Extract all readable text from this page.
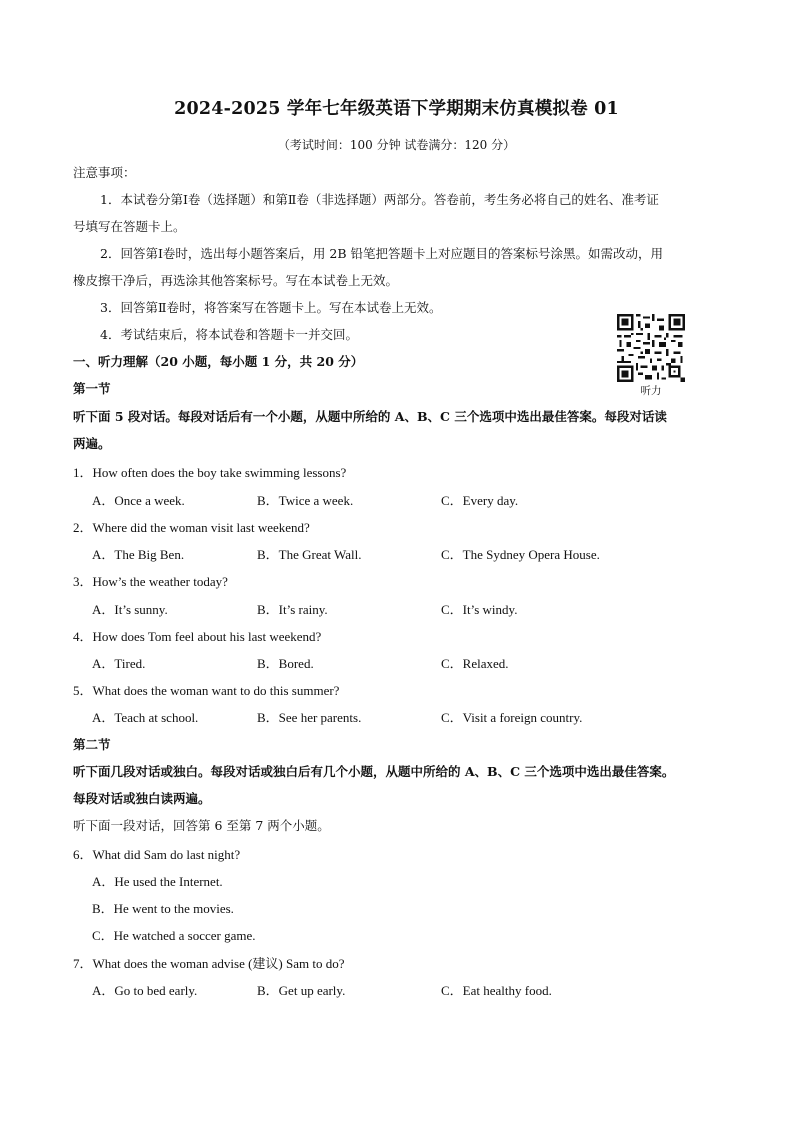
2024-2025 学年七年级英语下学期期末仿真模拟卷 01
（考试时间：100 分钟 试卷满分：120 分）
注意事项：
1．本试卷分第Ⅰ卷（选择题）和第Ⅱ卷（非选择题）两部分。答卷前，考生务必将自己的姓名、准考证
号填写在答题卡上。
2．回答第Ⅰ卷时，选出每小题答案后，用 2B 铅笔把答题卡上对应题目的答案标号涂黑。如需改动，用
橡皮擦干净后，再选涂其他答案标号。写在本试卷上无效。
3．回答第Ⅱ卷时，将答案写在答题卡上。写在本试卷上无效。
4．考试结束后，将本试卷和答题卡一并交回。
听力
一、听力理解（20 小题，每小题 1 分，共 20 分）
第一节
听下面 5 段对话。每段对话后有一个小题，从题中所给的 A、B、C 三个选项中选出最佳答案。每段对话读
两遍。
1．How often does the boy take swimming lessons?
A．Once a week.	B．Twice a week.	C．Every day.
2．Where did the woman visit last weekend?
A．The Big Ben.	B．The Great Wall.	C．The Sydney Opera House.
3．How’s the weather today?
A．It’s sunny.	B．It’s rainy.	C．It’s windy.
4．How does Tom feel about his last weekend?
A．Tired.	B．Bored.	C．Relaxed.
5．What does the woman want to do this summer?
A．Teach at school.	B．See her parents.	C．Visit a foreign country.
第二节
听下面几段对话或独白。每段对话或独白后有几个小题，从题中所给的 A、B、C 三个选项中选出最佳答案。
每段对话或独白读两遍。
听下面一段对话，回答第 6 至第 7 两个小题。
6．What did Sam do last night?
A．He used the Internet.
B．He went to the movies.
C．He watched a soccer game.
7．What does the woman advise (建议) Sam to do?
A．Go to bed early.	B．Get up early.	C．Eat healthy food.
